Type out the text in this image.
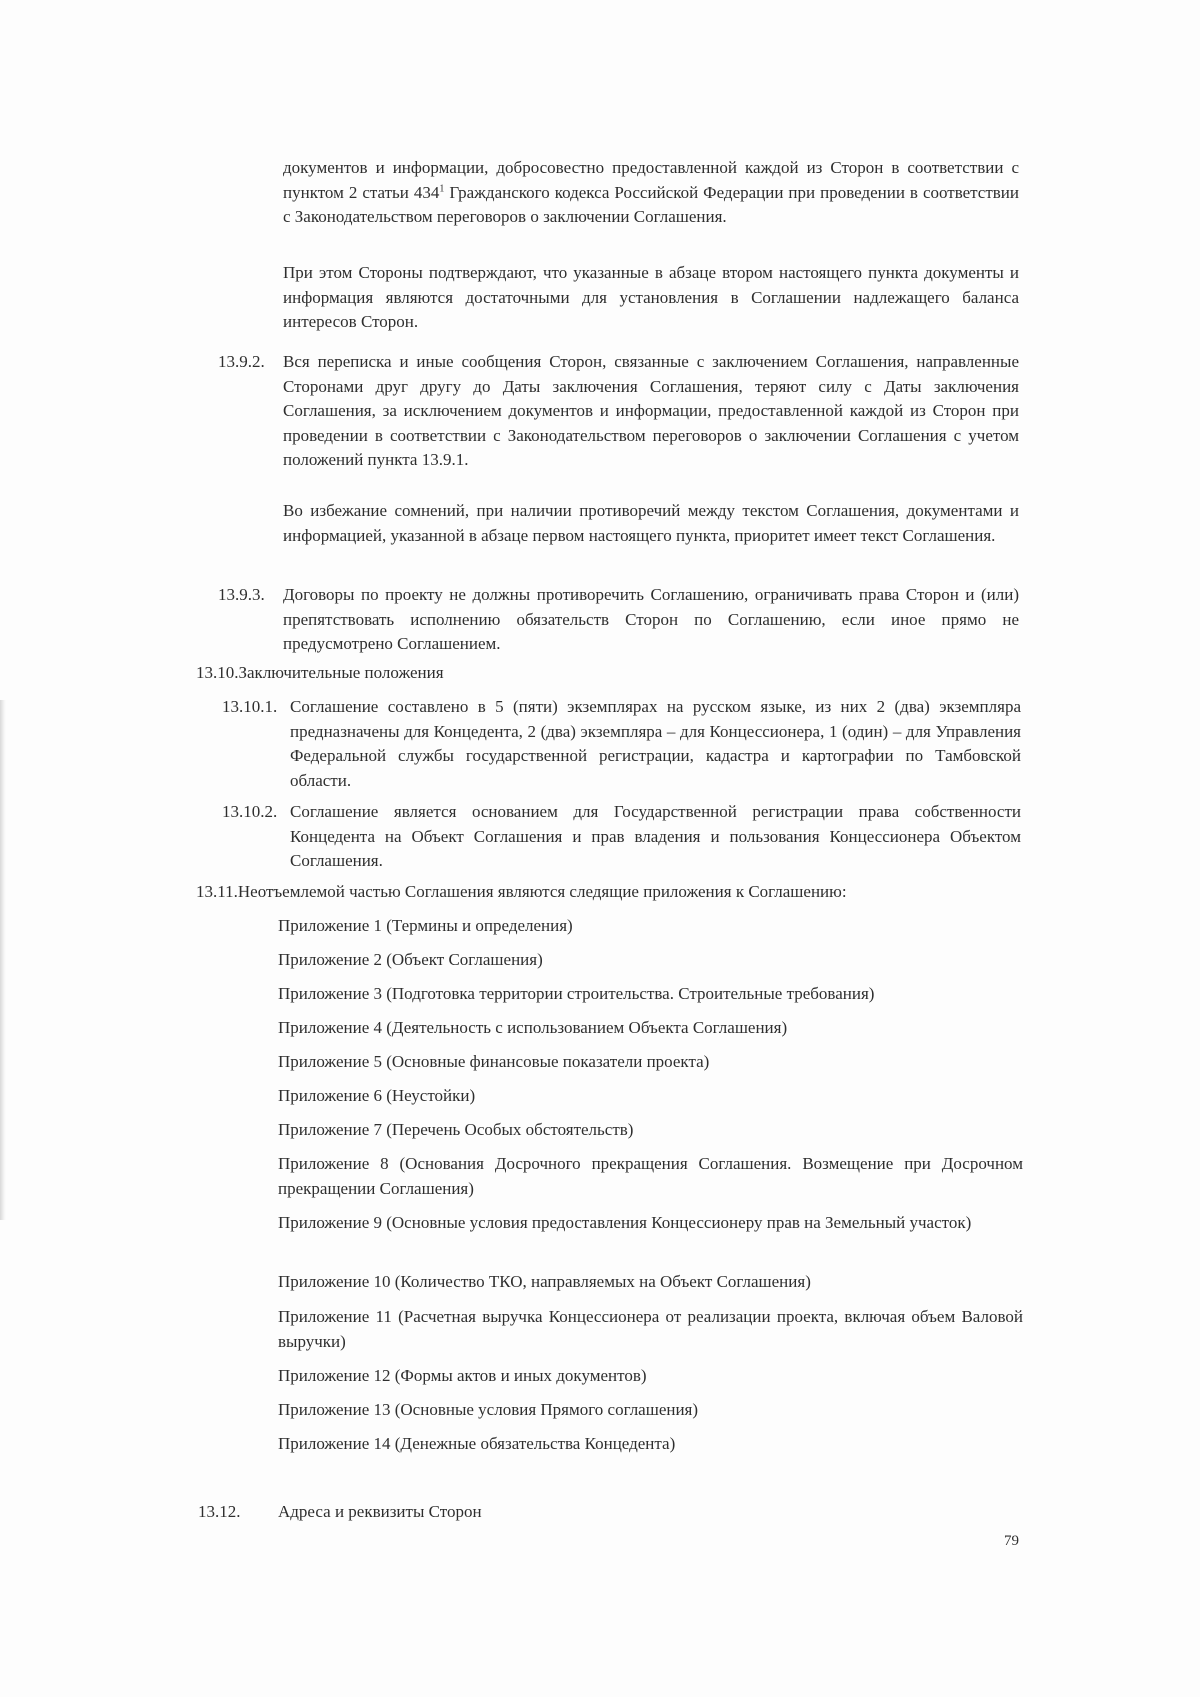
документов и информации, добросовестно предоставленной каждой из Сторон в соответствии с пунктом 2 статьи $434^1$ Гражданского кодекса Российской Федерации при проведении в соответствии с Законодательством переговоров о заключении Соглашения.

При этом Стороны подтверждают, что указанные в абзаце втором настоящего пункта документы и информация являются достаточными для установления в Соглашении надлежащего баланса интересов Сторон.

13.9.2. Вся переписка и иные сообщения Сторон, связанные с заключением Соглашения, направленные Сторонами друг другу до Даты заключения Соглашения, теряют силу с Даты заключения Соглашения, за исключением документов и информации, предоставленной каждой из Сторон при проведении в соответствии с Законодательством переговоров о заключении Соглашения с учетом положений пункта 13.9.1.

Во избежание сомнений, при наличии противоречий между текстом Соглашения, документами и информацией, указанной в абзаце первом настоящего пункта, приоритет имеет текст Соглашения.

13.9.3. Договоры по проекту не должны противоречить Соглашению, ограничивать права Сторон и (или) препятствовать исполнению обязательств Сторон по Соглашению, если иное прямо не предусмотрено Соглашением.

13.10.Заключительные положения
13.10.1. Соглашение составлено в 5 (пяти) экземплярах на русском языке, из них 2 (два) экземпляра предназначены для Концедента, 2 (два) экземпляра – для Концессионера, 1 (один) – для Управления Федеральной службы государственной регистрации, кадастра и картографии по Тамбовской области.

13.10.2. Соглашение является основанием для Государственной регистрации права собственности Концедента на Объект Соглашения и прав владения и пользования Концессионера Объектом Соглашения.

13.11.Неотъемлемой частью Соглашения являются следящие приложения к Соглашению:
Приложение 1 (Термины и определения)
Приложение 2 (Объект Соглашения)
Приложение 3 (Подготовка территории строительства. Строительные требования)
Приложение 4 (Деятельность с использованием Объекта Соглашения)
Приложение 5 (Основные финансовые показатели проекта)
Приложение 6 (Неустойки)
Приложение 7 (Перечень Особых обстоятельств)
Приложение 8 (Основания Досрочного прекращения Соглашения. Возмещение при Досрочном прекращении Соглашения)
Приложение 9 (Основные условия предоставления Концессионеру прав на Земельный участок)
Приложение 10 (Количество ТКО, направляемых на Объект Соглашения)
Приложение 11 (Расчетная выручка Концессионера от реализации проекта, включая объем Валовой выручки)
Приложение 12 (Формы актов и иных документов)
Приложение 13 (Основные условия Прямого соглашения)
Приложение 14 (Денежные обязательства Концедента)
13.12. Адреса и реквизиты Сторон
79
